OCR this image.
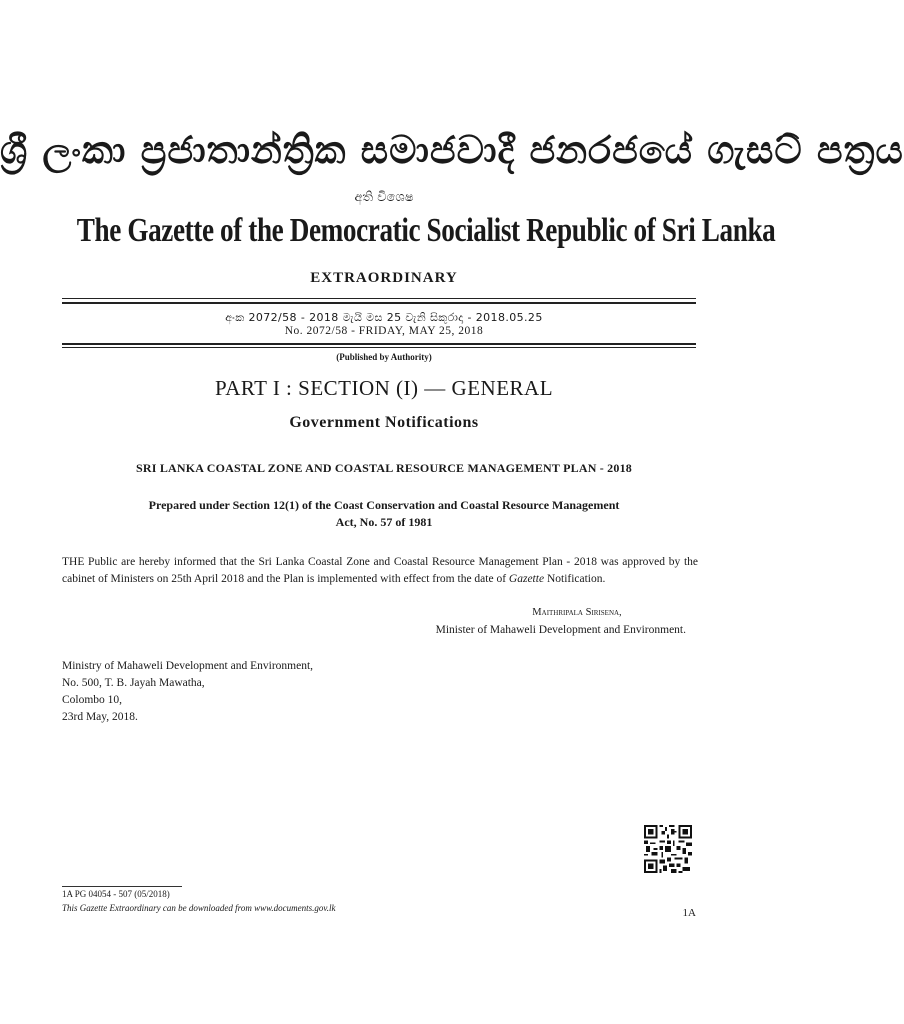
ශ්‍රී ලංකා ප්‍රජාතාන්ත්‍රික සමාජවාදී ජනරජයේ ගැසට් පත්‍රය
අති විශෙෂ
The Gazette of the Democratic Socialist Republic of Sri Lanka
EXTRAORDINARY
අංක 2072/58 - 2018 මැයි මස 25 වැනි සිකුරාදා - 2018.05.25
No. 2072/58 - FRIDAY, MAY 25, 2018
(Published by Authority)
PART I : SECTION (I) — GENERAL
Government Notifications
SRI LANKA COASTAL ZONE AND COASTAL RESOURCE MANAGEMENT PLAN - 2018
Prepared under Section 12(1) of the Coast Conservation and Coastal Resource Management
Act, No. 57 of 1981
THE Public are hereby informed that the Sri Lanka Coastal Zone and Coastal Resource Management Plan - 2018 was approved by the cabinet of Ministers on 25th April 2018 and the Plan is implemented with effect from the date of Gazette Notification.
Maithripala Sirisena,
Minister of Mahaweli Development and Environment.
Ministry of Mahaweli Development and Environment,
No. 500, T. B. Jayah Mawatha,
Colombo 10,
23rd May, 2018.
1A PG 04054 - 507 (05/2018)
This Gazette Extraordinary can be downloaded from www.documents.gov.lk	1A
